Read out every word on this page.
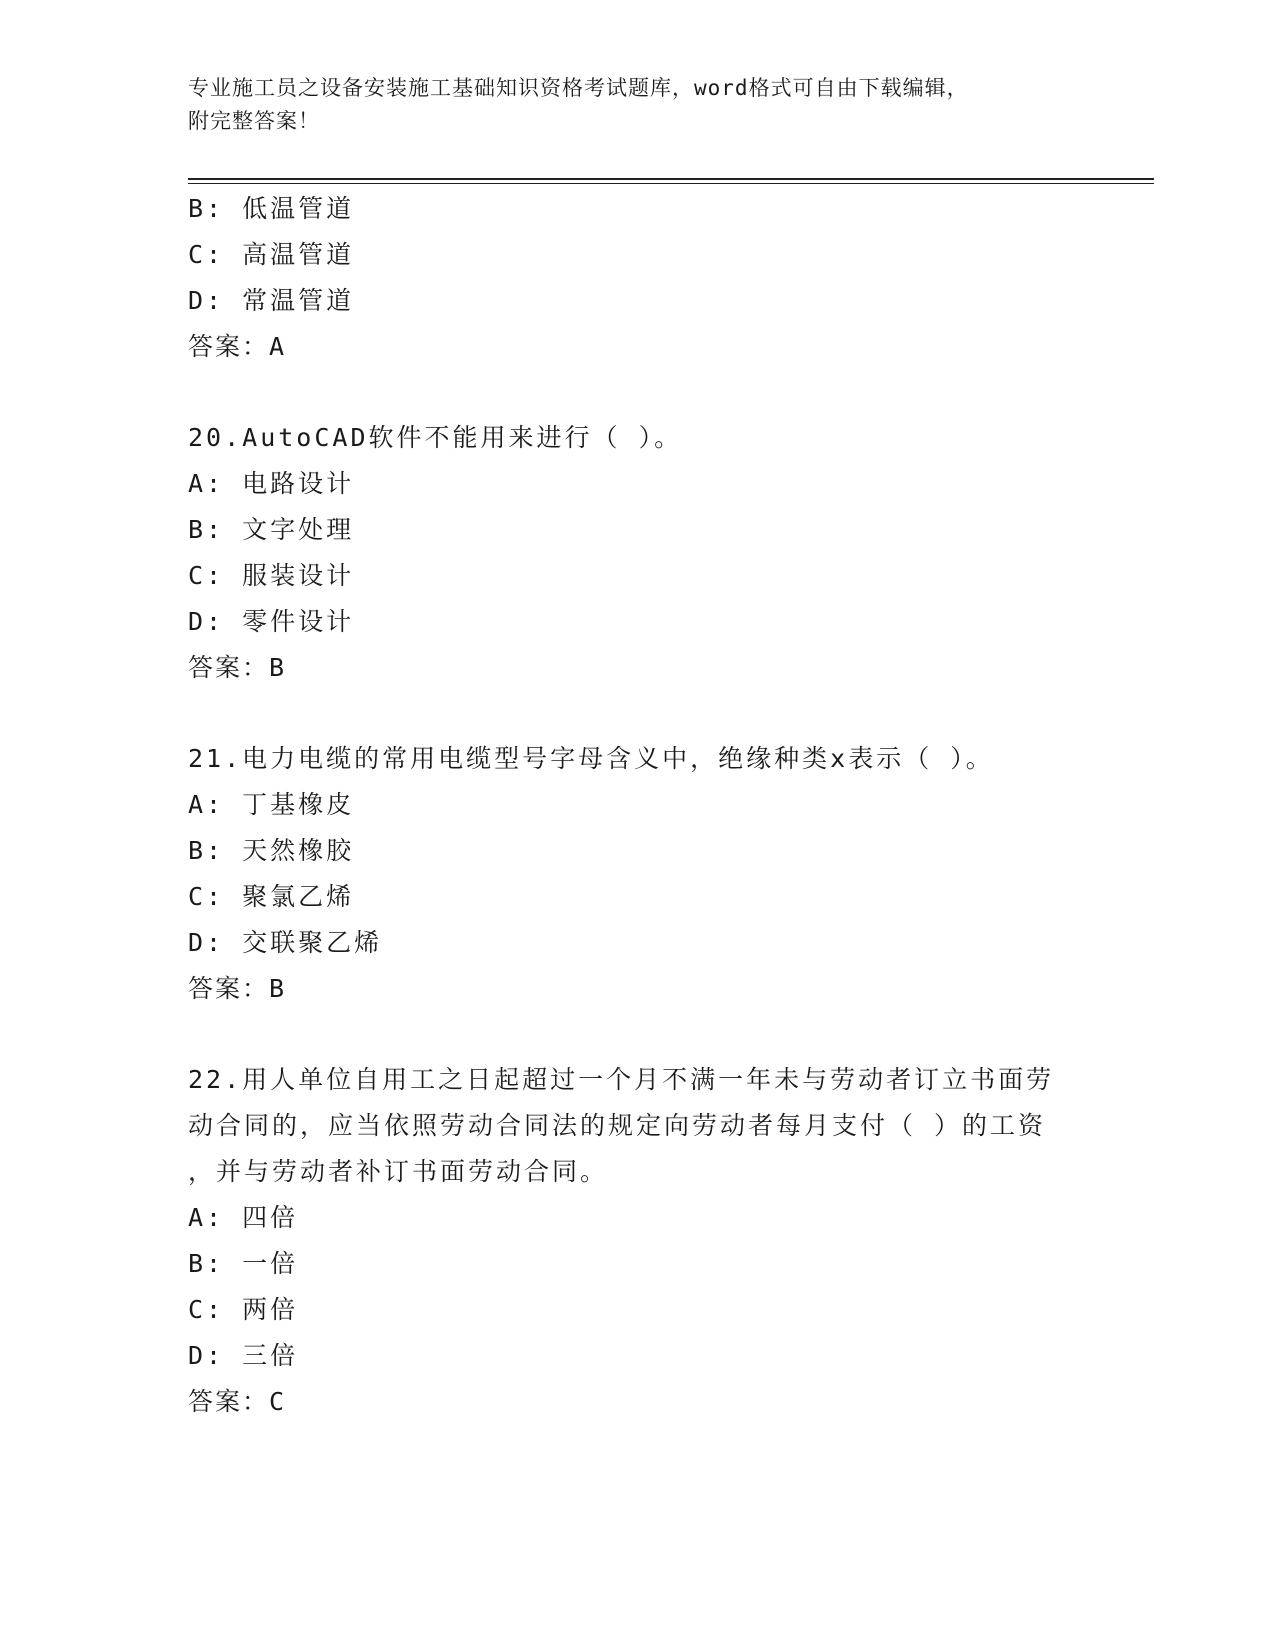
专业施工员之设备安装施工基础知识资格考试题库，word格式可自由下载编辑，
附完整答案！
B: 低温管道
C: 高温管道
D: 常温管道
答案：A
20.AutoCAD软件不能用来进行（ ）。
A: 电路设计
B: 文字处理
C: 服装设计
D: 零件设计
答案：B
21.电力电缆的常用电缆型号字母含义中，绝缘种类x表示（ ）。
A: 丁基橡皮
B: 天然橡胶
C: 聚氯乙烯
D: 交联聚乙烯
答案：B
22.用人单位自用工之日起超过一个月不满一年未与劳动者订立书面劳
动合同的，应当依照劳动合同法的规定向劳动者每月支付（ ）的工资
，并与劳动者补订书面劳动合同。
A: 四倍
B: 一倍
C: 两倍
D: 三倍
答案：C
